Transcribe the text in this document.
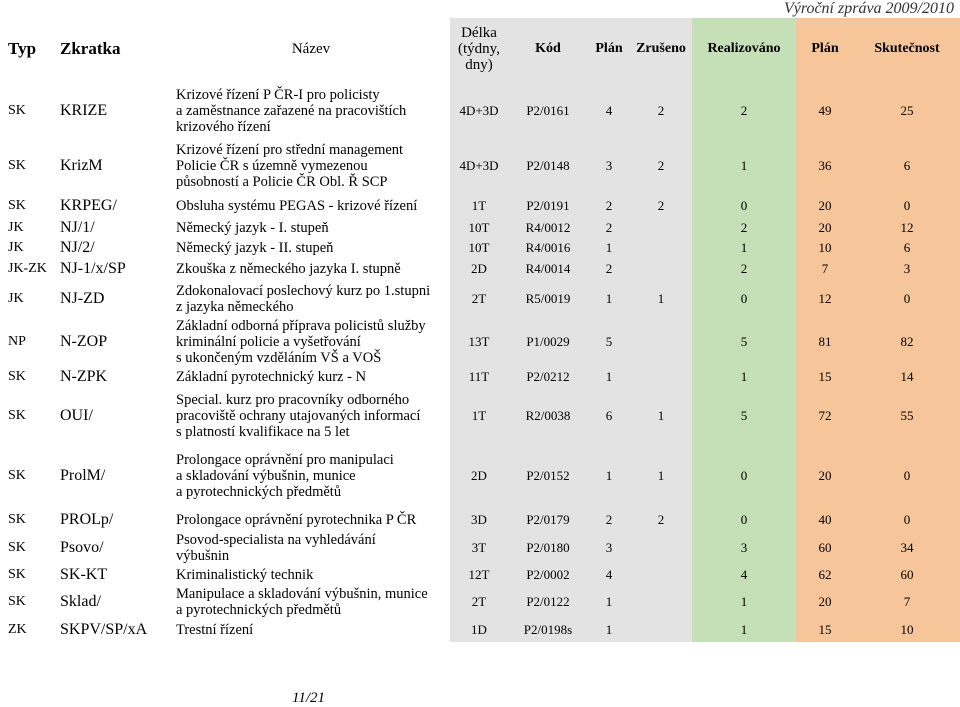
Výroční zpráva 2009/2010
Typ	Zkratka	Název	Délka
(týdny,
dny)	Kód	Plán	Zrušeno	Realizováno	Plán	Skutečnost
SK	KRIZE	Krizové řízení P ČR-I pro policisty
a zaměstnance zařazené na pracovištích
krizového řízení	4D+3D	P2/0161	4	2	2	49	25
SK	KrizM	Krizové řízení pro střední management
Policie ČR s územně vymezenou
působností a Policie ČR Obl. Ř SCP	4D+3D	P2/0148	3	2	1	36	6

SK	KRPEG/	Obsluha systému PEGAS - krizové řízení	1T	P2/0191	2	2	0	20	0
JK	NJ/1/	Německý jazyk - I. stupeň	10T	R4/0012	2		2	20	12
JK	NJ/2/	Německý jazyk - II. stupeň	10T	R4/0016	1		1	10	6
JK-ZK	NJ-1/x/SP	Zkouška z německého jazyka I. stupně	2D	R4/0014	2		2	7	3
JK	NJ-ZD	Zdokonalovací poslechový kurz po 1.stupni
z jazyka německého	2T	R5/0019	1	1	0	12	0
NP	N-ZOP	Základní odborná příprava policistů služby
kriminální policie a vyšetřování
s ukončeným vzděláním VŠ a VOŠ	13T	P1/0029	5		5	81	82
SK	N-ZPK	Základní pyrotechnický kurz - N	11T	P2/0212	1		1	15	14
SK	OUI/	Special. kurz pro pracovníky odborného
pracoviště ochrany utajovaných informací
s platností kvalifikace na 5 let	1T	R2/0038	6	1	5	72	55
SK	ProlM/	Prolongace oprávnění pro manipulaci
a skladování výbušnin, munice
a pyrotechnických předmětů	2D	P2/0152	1	1	0	20	0
SK	PROLp/	Prolongace oprávnění pyrotechnika P ČR	3D	P2/0179	2	2	0	40	0
SK	Psovo/	Psovod-specialista na vyhledávání
výbušnin	3T	P2/0180	3		3	60	34
SK	SK-KT	Kriminalistický technik	12T	P2/0002	4		4	62	60
SK	Sklad/	Manipulace a skladování výbušnin, munice
a pyrotechnických předmětů	2T	P2/0122	1		1	20	7
ZK	SKPV/SP/xA	Trestní řízení	1D	P2/0198s	1		1	15	10
11/21
